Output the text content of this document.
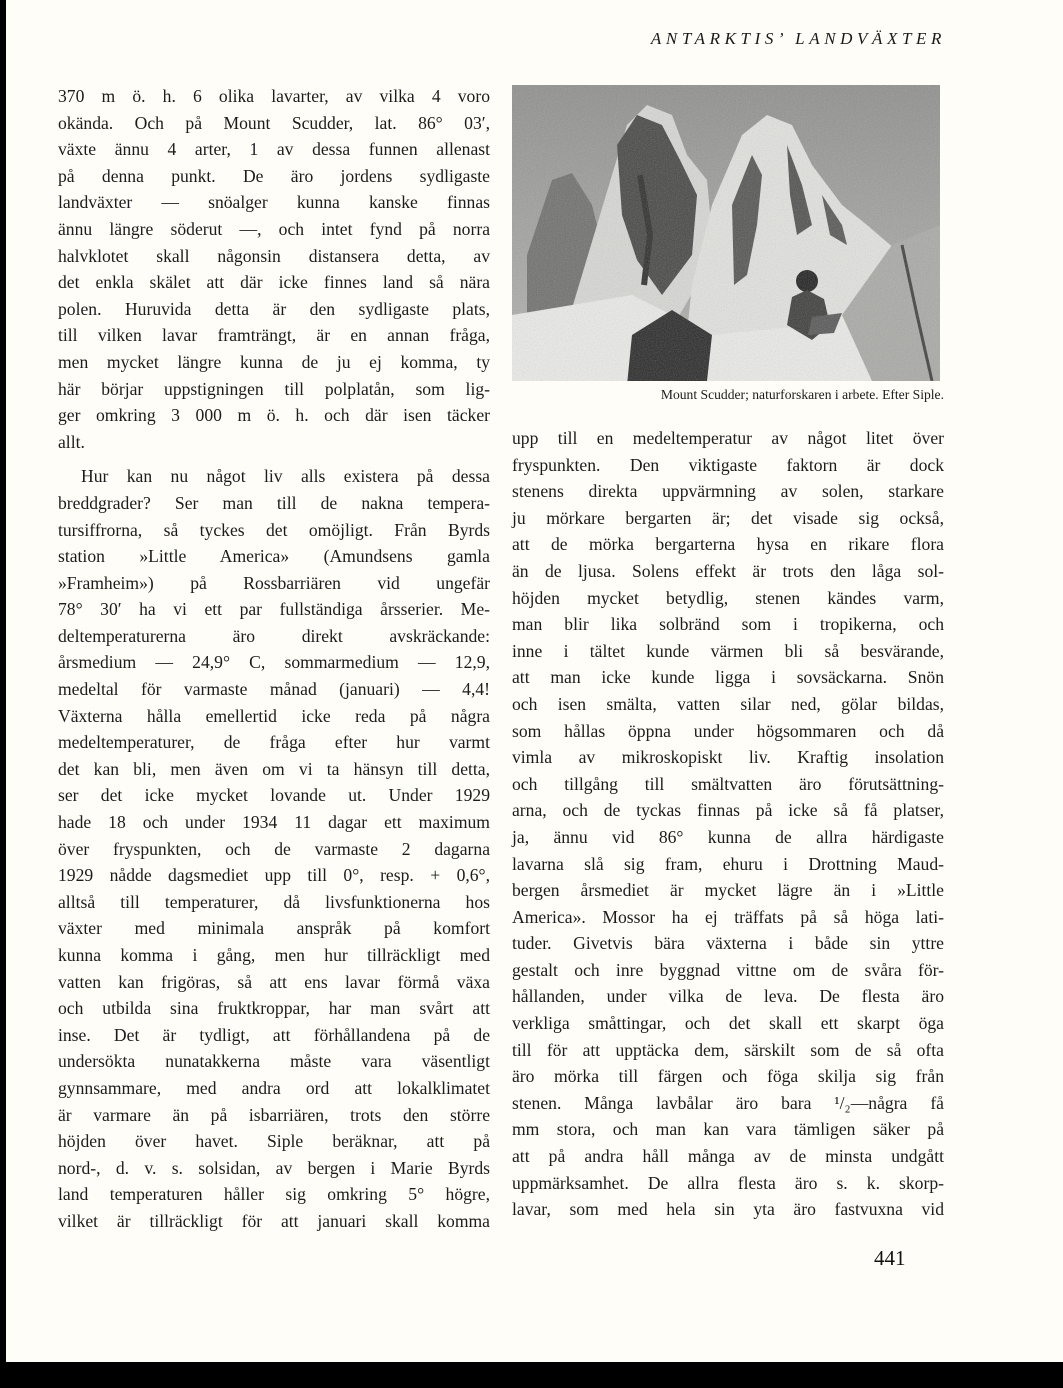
ANTARKTIS’ LANDVÄXTER
370 m ö. h. 6 olika lavarter, av vilka 4 voro
okända. Och på Mount Scudder, lat. 86° 03′,
växte ännu 4 arter, 1 av dessa funnen allenast
på denna punkt. De äro jordens sydligaste
landväxter — snöalger kunna kanske finnas
ännu längre söderut —, och intet fynd på norra
halvklotet skall någonsin distansera detta, av
det enkla skälet att där icke finnes land så nära
polen. Huruvida detta är den sydligaste plats,
till vilken lavar framträngt, är en annan fråga,
men mycket längre kunna de ju ej komma, ty
här börjar uppstigningen till polplatån, som lig-
ger omkring 3 000 m ö. h. och där isen täcker
allt.
Hur kan nu något liv alls existera på dessa
breddgrader? Ser man till de nakna tempera-
tursiffrorna, så tyckes det omöjligt. Från Byrds
station »Little America» (Amundsens gamla
»Framheim») på Rossbarriären vid ungefär
78° 30′ ha vi ett par fullständiga årsserier. Me-
deltemperaturerna äro direkt avskräckande:
årsmedium — 24,9° C, sommarmedium — 12,9,
medeltal för varmaste månad (januari) — 4,4!
Växterna hålla emellertid icke reda på några
medeltemperaturer, de fråga efter hur varmt
det kan bli, men även om vi ta hänsyn till detta,
ser det icke mycket lovande ut. Under 1929
hade 18 och under 1934 11 dagar ett maximum
över fryspunkten, och de varmaste 2 dagarna
1929 nådde dagsmediet upp till 0°, resp. + 0,6°,
alltså till temperaturer, då livsfunktionerna hos
växter med minimala anspråk på komfort
kunna komma i gång, men hur tillräckligt med
vatten kan frigöras, så att ens lavar förmå växa
och utbilda sina fruktkroppar, har man svårt att
inse. Det är tydligt, att förhållandena på de
undersökta nunatakkerna måste vara väsentligt
gynnsammare, med andra ord att lokalklimatet
är varmare än på isbarriären, trots den större
höjden över havet. Siple beräknar, att på
nord-, d. v. s. solsidan, av bergen i Marie Byrds
land temperaturen håller sig omkring 5° högre,
vilket är tillräckligt för att januari skall komma
Mount Scudder; naturforskaren i arbete. Efter Siple.
upp till en medeltemperatur av något litet över
fryspunkten. Den viktigaste faktorn är dock
stenens direkta uppvärmning av solen, starkare
ju mörkare bergarten är; det visade sig också,
att de mörka bergarterna hysa en rikare flora
än de ljusa. Solens effekt är trots den låga sol-
höjden mycket betydlig, stenen kändes varm,
man blir lika solbränd som i tropikerna, och
inne i tältet kunde värmen bli så besvärande,
att man icke kunde ligga i sovsäckarna. Snön
och isen smälta, vatten silar ned, gölar bildas,
som hållas öppna under högsommaren och då
vimla av mikroskopiskt liv. Kraftig insolation
och tillgång till smältvatten äro förutsättning-
arna, och de tyckas finnas på icke så få platser,
ja, ännu vid 86° kunna de allra härdigaste
lavarna slå sig fram, ehuru i Drottning Maud-
bergen årsmediet är mycket lägre än i »Little
America». Mossor ha ej träffats på så höga lati-
tuder. Givetvis bära växterna i både sin yttre
gestalt och inre byggnad vittne om de svåra för-
hållanden, under vilka de leva. De flesta äro
verkliga småttingar, och det skall ett skarpt öga
till för att upptäcka dem, särskilt som de så ofta
äro mörka till färgen och föga skilja sig från
stenen. Många lavbålar äro bara ¹/₂—några få
mm stora, och man kan vara tämligen säker på
att på andra håll många av de minsta undgått
uppmärksamhet. De allra flesta äro s. k. skorp-
lavar, som med hela sin yta äro fastvuxna vid
441
